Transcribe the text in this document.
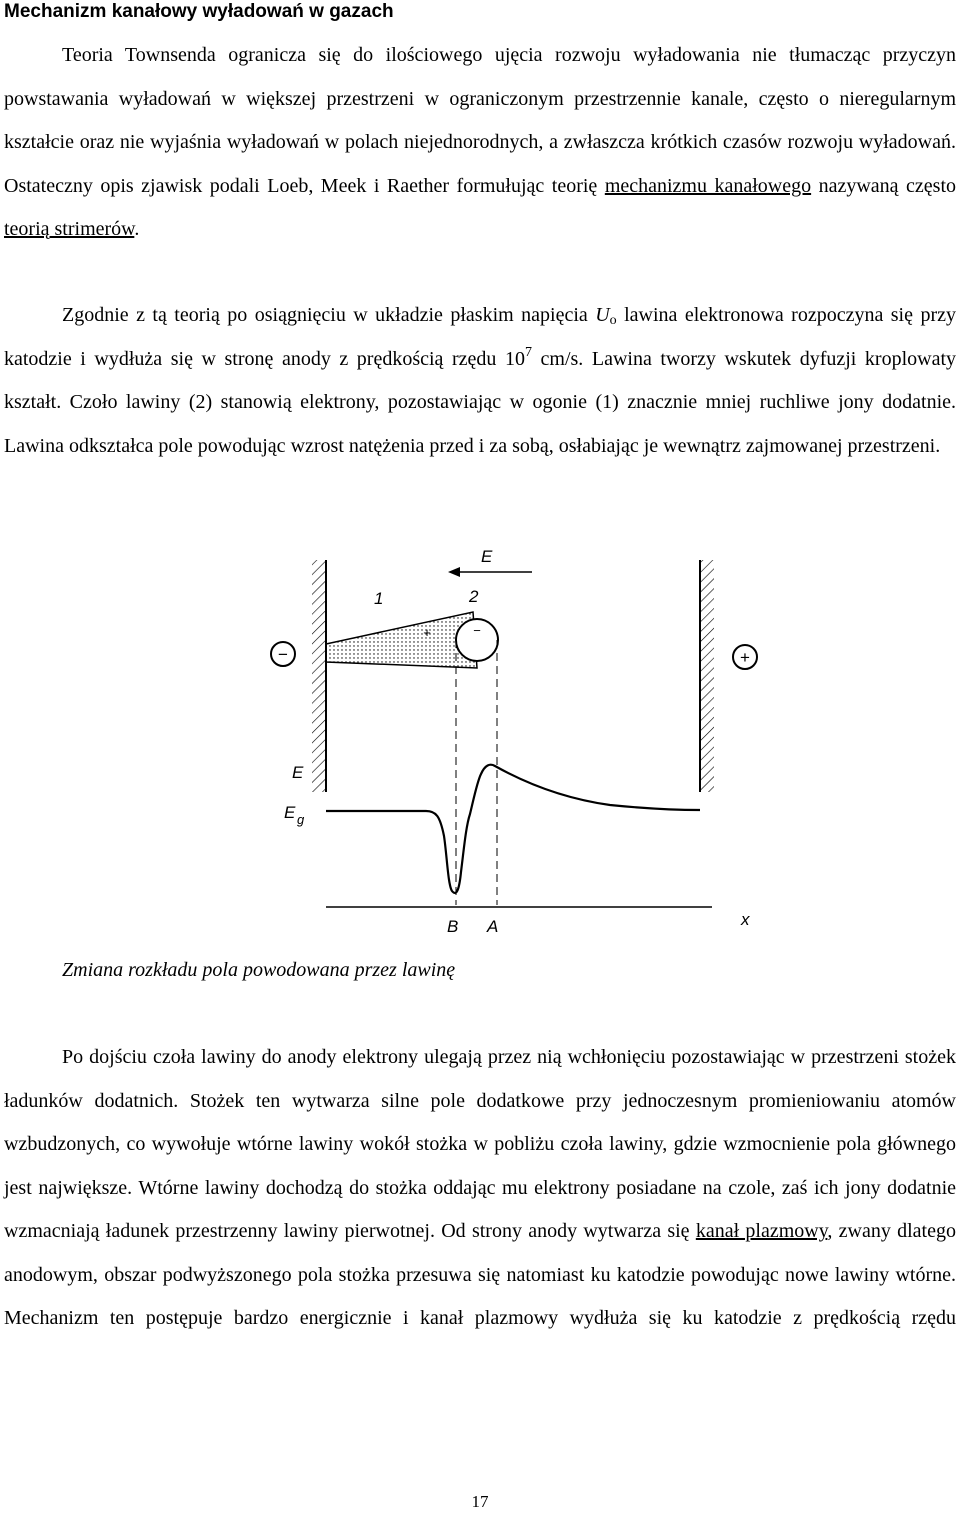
Mechanizm kanałowy wyładowań w gazach

Teoria Townsenda ogranicza się do ilościowego ujęcia rozwoju wyładowania nie tłumacząc przyczyn powstawania wyładowań w większej przestrzeni w ograniczonym przestrzennie kanale, często o nieregularnym kształcie oraz nie wyjaśnia wyładowań w polach niejednorodnych, a zwłaszcza krótkich czasów rozwoju wyładowań. Ostateczny opis zjawisk podali Loeb, Meek i Raether formułując teorię mechanizmu kanałowego nazywaną często teorią strimerów.

Zgodnie z tą teorią po osiągnięciu w układzie płaskim napięcia $U_o$ lawina elektronowa rozpoczyna się przy katodzie i wydłuża się w stronę anody z prędkością rzędu $10^7$ cm/s. Lawina tworzy wskutek dyfuzji kroplowaty kształt. Czoło lawiny (2) stanowią elektrony, pozostawiając w ogonie (1) znacznie mniej ruchliwe jony dodatnie. Lawina odkształca pole powodując wzrost natężenia przed i za sobą, osłabiając je wewnątrz zajmowanej przestrzeni.

−	+
E
+	−
1	2
E
E g
B A	x
Zmiana rozkładu pola powodowana przez lawinę

Po dojściu czoła lawiny do anody elektrony ulegają przez nią wchłonięciu pozostawiając w przestrzeni stożek ładunków dodatnich. Stożek ten wytwarza silne pole dodatkowe przy jednoczesnym promieniowaniu atomów wzbudzonych, co wywołuje wtórne lawiny wokół stożka w pobliżu czoła lawiny, gdzie wzmocnienie pola głównego jest największe. Wtórne lawiny dochodzą do stożka oddając mu elektrony posiadane na czole, zaś ich jony dodatnie wzmacniają ładunek przestrzenny lawiny pierwotnej. Od strony anody wytwarza się kanał plazmowy, zwany dlatego anodowym, obszar podwyższonego pola stożka przesuwa się natomiast ku katodzie powodując nowe lawiny wtórne. Mechanizm ten postępuje bardzo energicznie i kanał plazmowy wydłuża się ku katodzie z prędkością rzędu

17
